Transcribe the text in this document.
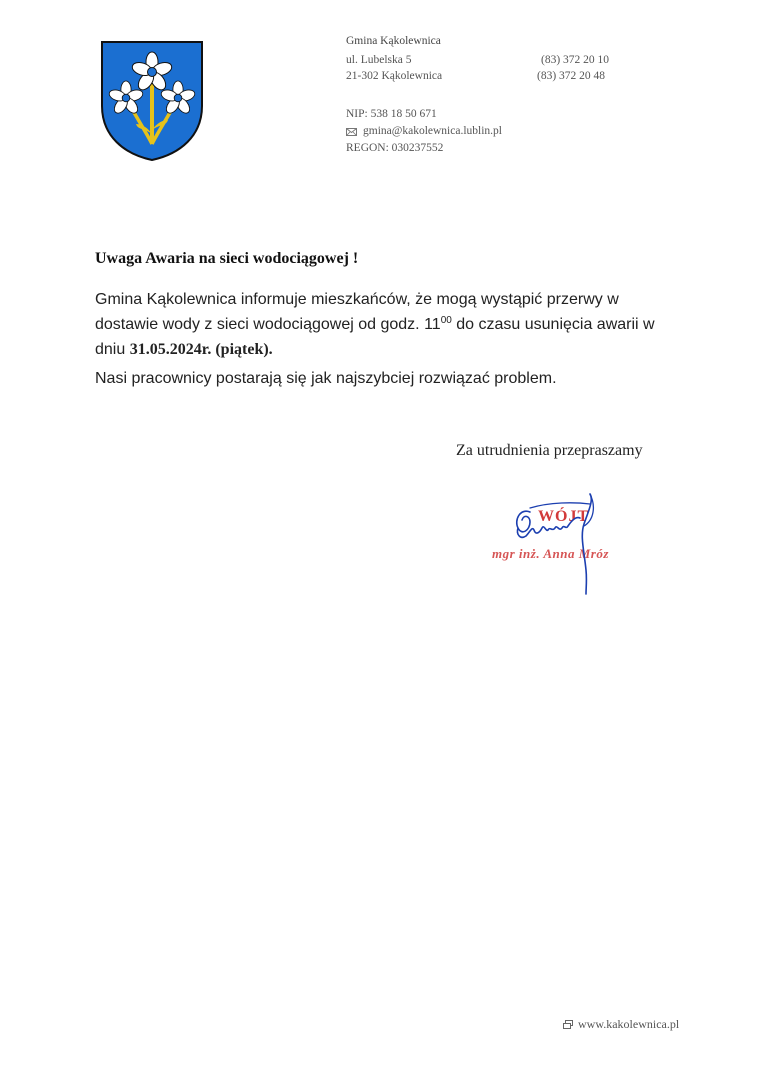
Gmina Kąkolewnica
ul. Lubelska 5
21-302 Kąkolewnica
(83) 372 20 10
(83) 372 20 48
NIP: 538 18 50 671
gmina@kakolewnica.lublin.pl
REGON: 030237552
Uwaga Awaria na sieci wodociągowej !
Gmina Kąkolewnica informuje mieszkańców, że mogą wystąpić przerwy w dostawie wody z sieci wodociągowej od godz. $11^{00}$ do czasu usunięcia awarii w dniu 31.05.2024r. (piątek).
Nasi pracownicy postarają się jak najszybciej rozwiązać problem.
Za utrudnienia przepraszamy
WÓJT
mgr inż. Anna Mróz
www.kakolewnica.pl
